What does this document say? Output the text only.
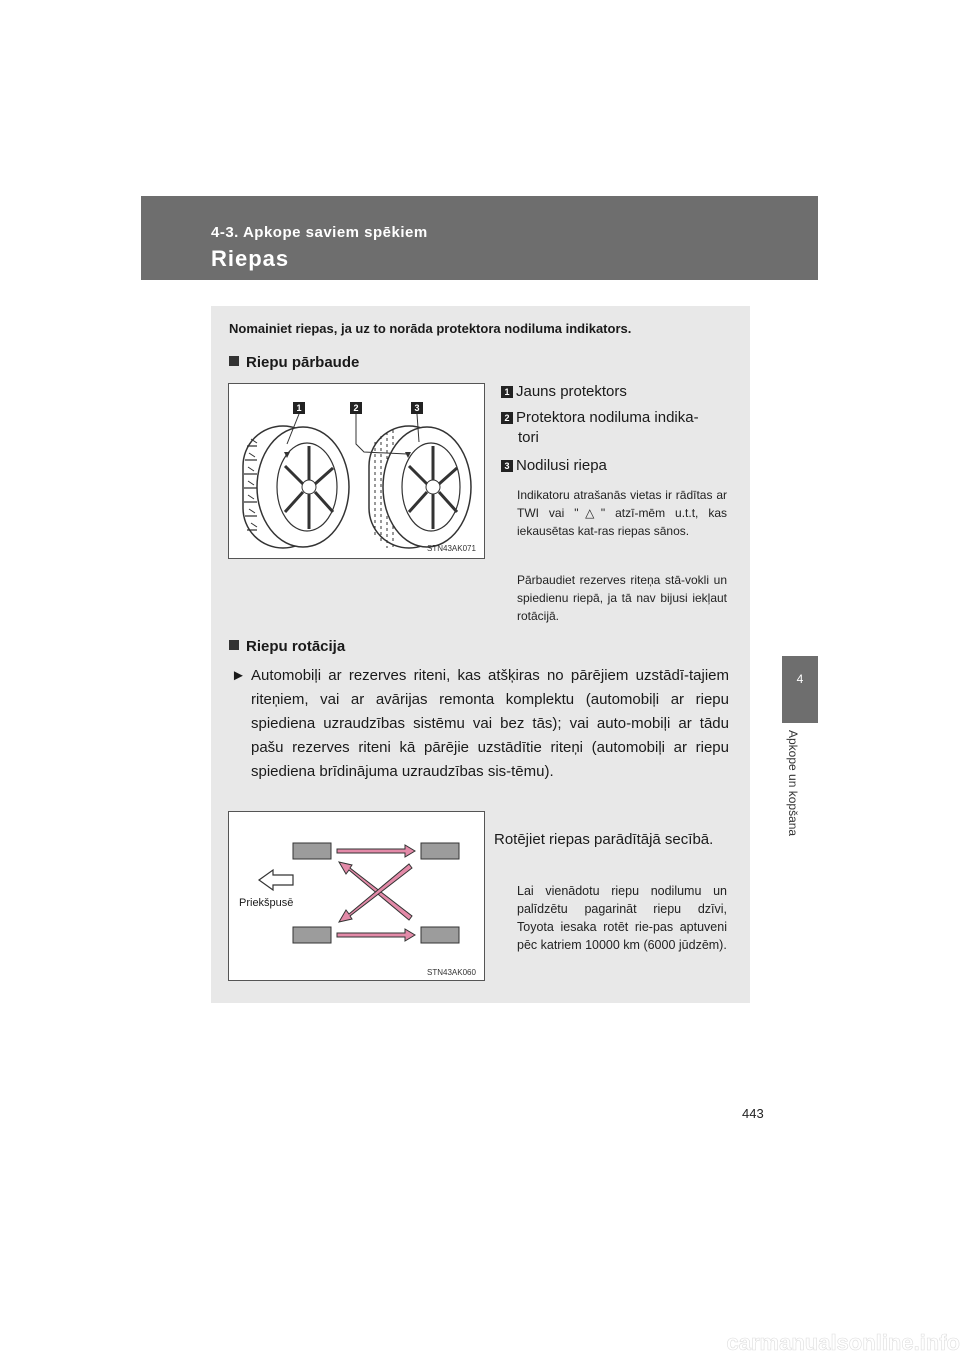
4-3. Apkope saviem spēkiem
Riepas
4
Apkope un kopšana
Nomainiet riepas, ja uz to norāda protektora nodiluma indikators.
Riepu pārbaude
1	2	3
STN43AK071
1 Jauns protektors
2 Protektora nodiluma indika-
tori
3 Nodilusi riepa
Indikatoru atrašanās vietas ir rādītas ar TWI vai "△" atzī-mēm u.t.t, kas iekausētas kat-ras riepas sānos.
Pārbaudiet rezerves riteņa stā-vokli un spiedienu riepā, ja tā nav bijusi iekļaut rotācijā.
Riepu rotācija
► Automobiļi ar rezerves riteni, kas atšķiras no pārējiem uzstādī-tajiem riteņiem, vai ar avārijas remonta komplektu (automobiļi ar riepu spiediena uzraudzības sistēmu vai bez tās); vai auto-mobiļi ar tādu pašu rezerves riteni kā pārējie uzstādītie riteņi (automobiļi ar riepu spiediena brīdinājuma uzraudzības sis-tēmu).
Priekšpusē
STN43AK060
Rotējiet riepas parādītājā secībā.
Lai vienādotu riepu nodilumu un palīdzētu pagarināt riepu dzīvi, Toyota iesaka rotēt rie-pas aptuveni pēc katriem 10000 km (6000 jūdzēm).
443
carmanualsonline.info
